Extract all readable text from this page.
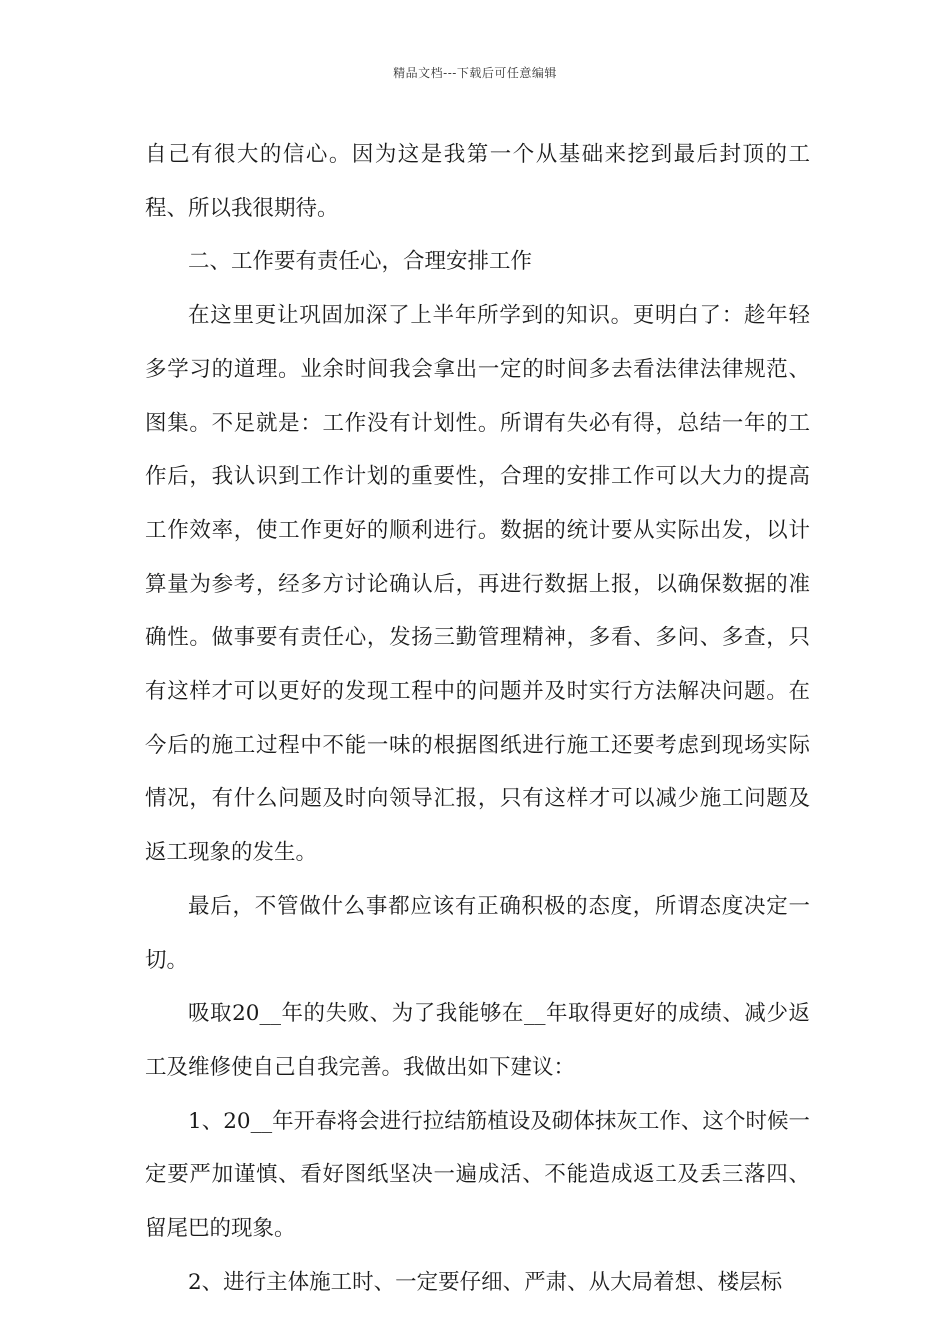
精品文档---下载后可任意编辑

自己有很大的信心。因为这是我第一个从基础来挖到最后封顶的工程、所以我很期待。

二、工作要有责任心，合理安排工作

在这里更让巩固加深了上半年所学到的知识。更明白了：趁年轻多学习的道理。业余时间我会拿出一定的时间多去看法律法律规范、图集。不足就是：工作没有计划性。所谓有失必有得，总结一年的工作后，我认识到工作计划的重要性，合理的安排工作可以大力的提高工作效率，使工作更好的顺利进行。数据的统计要从实际出发，以计算量为参考，经多方讨论确认后，再进行数据上报，以确保数据的准确性。做事要有责任心，发扬三勤管理精神，多看、多问、多查，只有这样才可以更好的发现工程中的问题并及时实行方法解决问题。在今后的施工过程中不能一味的根据图纸进行施工还要考虑到现场实际情况，有什么问题及时向领导汇报，只有这样才可以减少施工问题及返工现象的发生。

最后，不管做什么事都应该有正确积极的态度，所谓态度决定一切。

吸取20__年的失败、为了我能够在__年取得更好的成绩、减少返工及维修使自己自我完善。我做出如下建议：

1、20__年开春将会进行拉结筋植设及砌体抹灰工作、这个时候一定要严加谨慎、看好图纸坚决一遍成活、不能造成返工及丢三落四、留尾巴的现象。

2、进行主体施工时、一定要仔细、严肃、从大局着想、楼层标
